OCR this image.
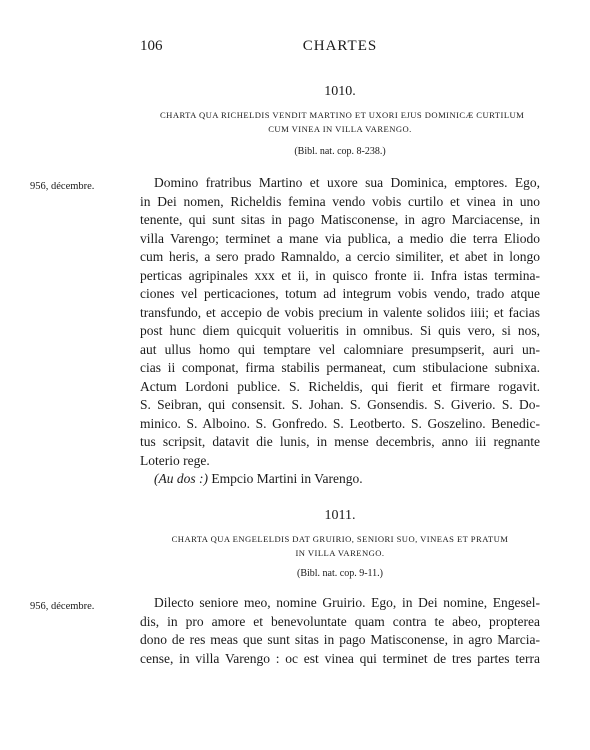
106	CHARTES
1010.
CHARTA QUA RICHELDIS VENDIT MARTINO ET UXORI EJUS DOMINICÆ CURTILUM
CUM VINEA IN VILLA VARENGO.
(Bibl. nat. cop. 8-238.)
956, décembre.	Domino fratribus Martino et uxore sua Dominica, emptores. Ego,
in Dei nomen, Richeldis femina vendo vobis curtilo et vinea in uno
tenente, qui sunt sitas in pago Matisconense, in agro Marciacense, in
villa Varengo; terminet a mane via publica, a medio die terra Eliodo
cum heris, a sero prado Ramnaldo, a cercio similiter, et abet in longo
perticas agripinales xxx et ii, in quisco fronte ii. Infra istas termina-
ciones vel perticaciones, totum ad integrum vobis vendo, trado atque
transfundo, et accepio de vobis precium in valente solidos iiii; et facias
post hunc diem quicquit volueritis in omnibus. Si quis vero, si nos,
aut ullus homo qui temptare vel calomniare presumpserit, auri un-
cias ii componat, firma stabilis permaneat, cum stibulacione subnixa.
Actum Lordoni publice. S. Richeldis, qui fierit et firmare rogavit.
S. Seibran, qui consensit. S. Johan. S. Gonsendis. S. Giverio. S. Do-
minico. S. Alboino. S. Gonfredo. S. Leotberto. S. Goszelino. Benedic-
tus scripsit, datavit die lunis, in mense decembris, anno iii regnante
Loterio rege.
(Au dos :) Empcio Martini in Varengo.
1011.
CHARTA QUA ENGELELDIS DAT GRUIRIO, SENIORI SUO, VINEAS ET PRATUM
IN VILLA VARENGO.
(Bibl. nat. cop. 9-11.)
956, décembre.	Dilecto seniore meo, nomine Gruirio. Ego, in Dei nomine, Engesel-
dis, in pro amore et benevoluntate quam contra te abeo, propterea
dono de res meas que sunt sitas in pago Matisconense, in agro Marcia-
cense, in villa Varengo : oc est vinea qui terminet de tres partes terra
